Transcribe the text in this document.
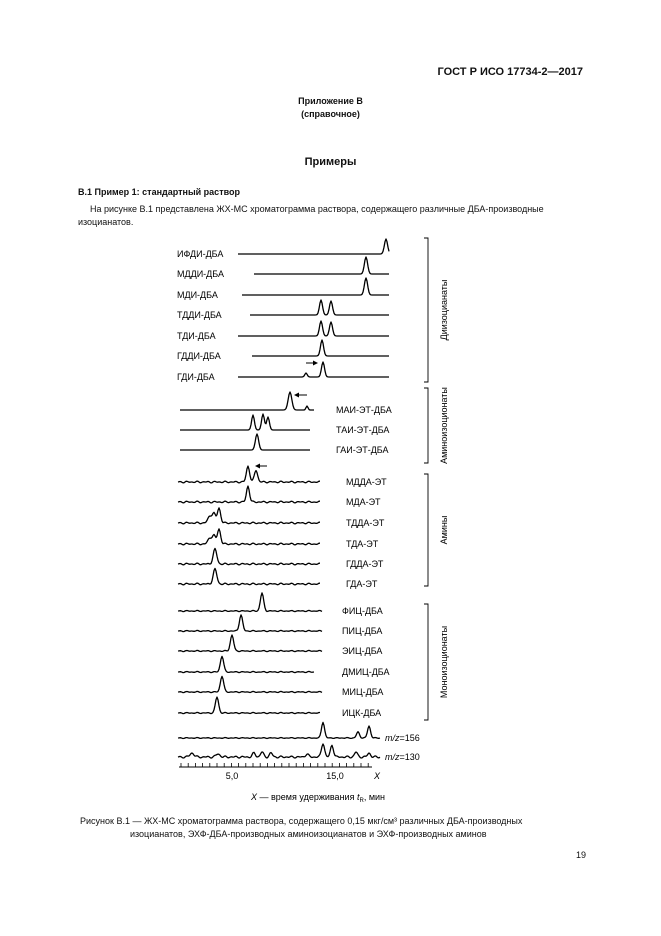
ГОСТ Р ИСО 17734-2—2017
Приложение В
(справочное)
Примеры
В.1 Пример 1: стандартный раствор
На рисунке В.1 представлена ЖХ-МС хроматограмма раствора, содержащего различные ДБА-производные изоцианатов.
ИФДИ-ДБА
МДДИ-ДБА
МДИ-ДБА
ТДДИ-ДБА
ТДИ-ДБА
ГДДИ-ДБА
ГДИ-ДБА
МАИ-ЭТ-ДБА
ТАИ-ЭТ-ДБА
ГАИ-ЭТ-ДБА
МДДА-ЭТ
МДА-ЭТ
ТДДА-ЭТ
ТДА-ЭТ
ГДДА-ЭТ
ГДА-ЭТ
ФИЦ-ДБА
ПИЦ-ДБА
ЭИЦ-ДБА
ДМИЦ-ДБА
МИЦ-ДБА
ИЦК-ДБА
m/z=156
m/z=130
Диизоцианаты
Аминоизоционаты
Амины
Моноизоционаты
5,0	15,0	X
X — время удерживания $t_R$, мин
Рисунок В.1 — ЖХ-МС хроматограмма раствора, содержащего 0,15 мкг/см³ различных ДБА-производных
изоцианатов, ЭХФ-ДБА-производных аминоизоцианатов и ЭХФ-производных аминов
19
